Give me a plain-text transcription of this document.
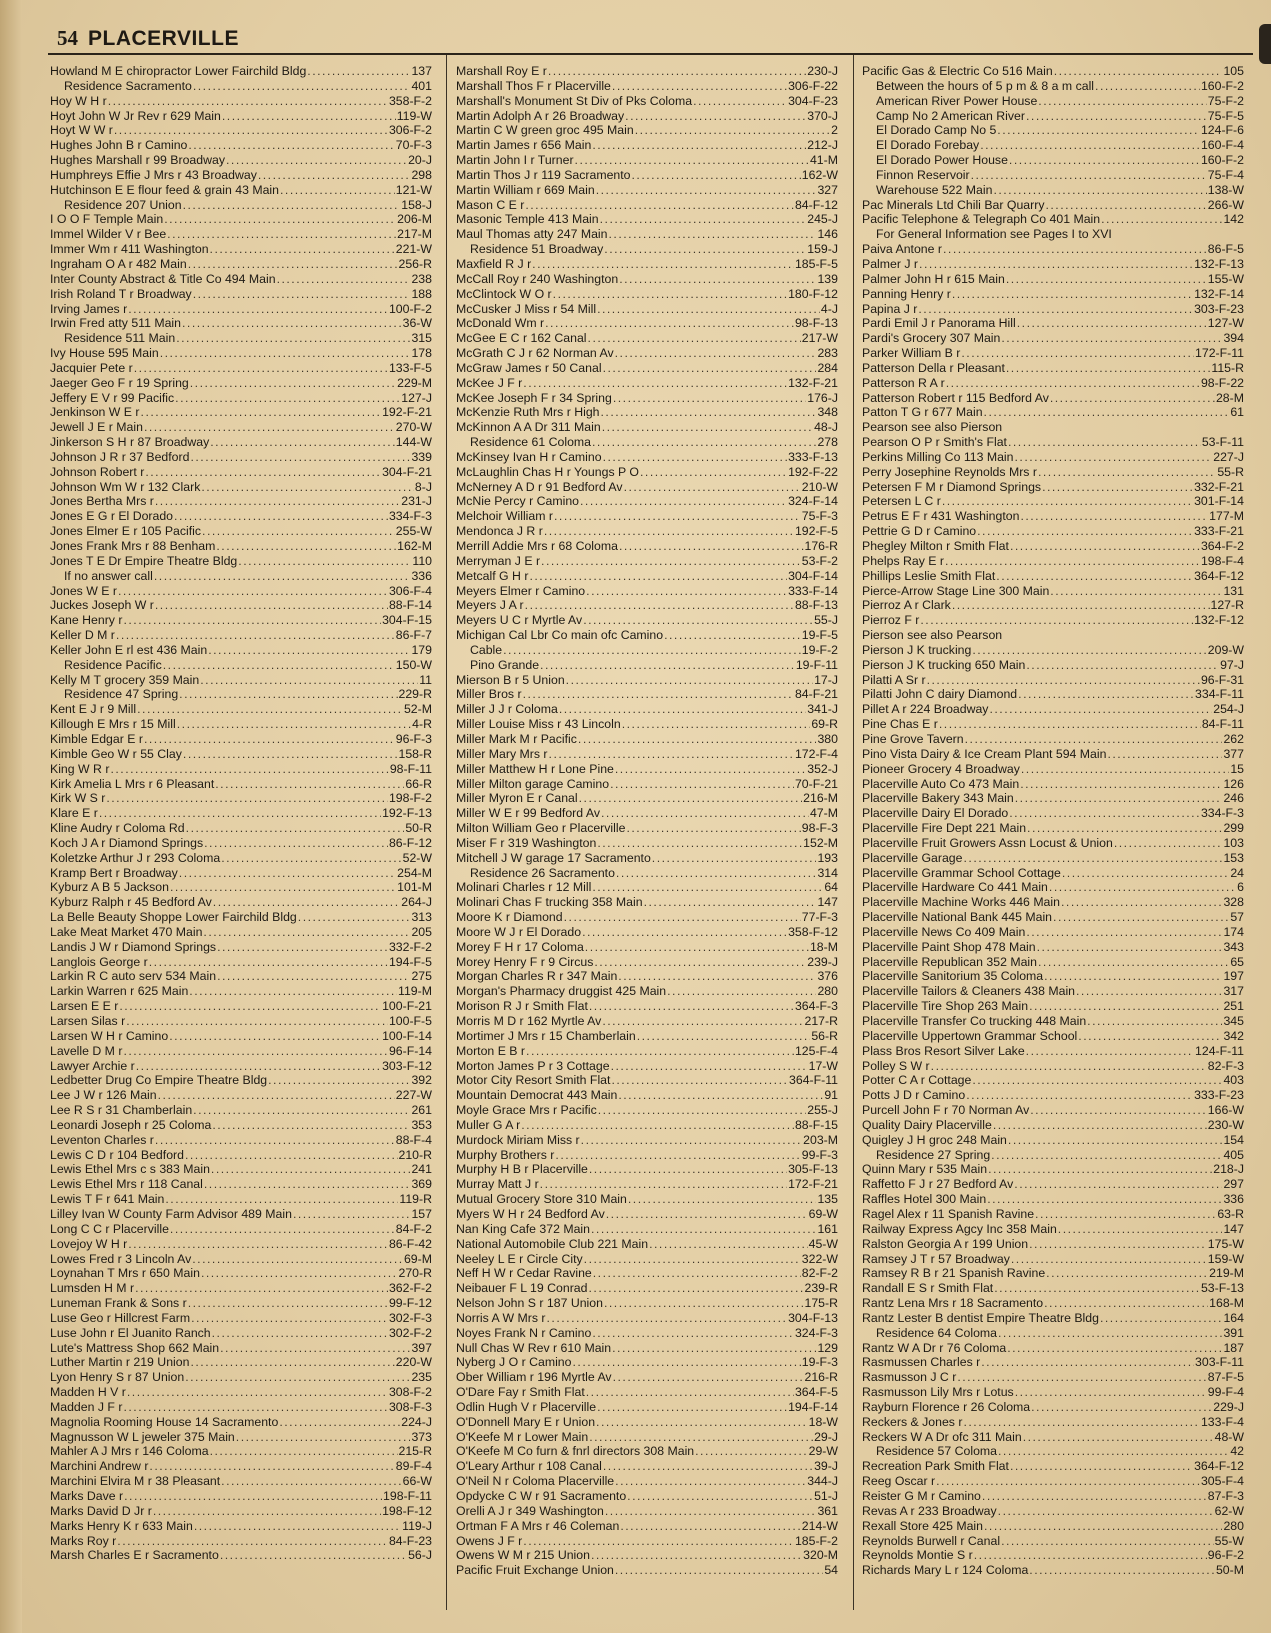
54 PLACERVILLE
Howland M E chiropractor Lower Fairchild Bldg .....	137
Residence Sacramento .....	401
Hoy W H r .....	358-F-2
Hoyt John W Jr Rev r 629 Main .....	119-W
Hoyt W W r .....	306-F-2
Hughes John B r Camino .....	70-F-3
Hughes Marshall r 99 Broadway .....	20-J
Humphreys Effie J Mrs r 43 Broadway .....	298
Hutchinson E E flour feed & grain 43 Main .....	121-W
Residence 207 Union .....	158-J
I O O F Temple Main .....	206-M
Immel Wilder V r Bee .....	217-M
Immer Wm r 411 Washington .....	221-W
Ingraham O A r 482 Main .....	256-R
Inter County Abstract & Title Co 494 Main .....	238
Irish Roland T r Broadway .....	188
Irving James r .....	100-F-2
Irwin Fred atty 511 Main .....	36-W
Residence 511 Main .....	315
Ivy House 595 Main .....	178
Jacquier Pete r .....	133-F-5
Jaeger Geo F r 19 Spring .....	229-M
Jeffery E V r 99 Pacific .....	127-J
Jenkinson W E r .....	192-F-21
Jewell J E r Main .....	270-W
Jinkerson S H r 87 Broadway .....	144-W
Johnson J R r 37 Bedford .....	339
Johnson Robert r .....	304-F-21
Johnson Wm W r 132 Clark .....	8-J
Jones Bertha Mrs r .....	231-J
Jones E G r El Dorado .....	334-F-3
Jones Elmer E r 105 Pacific .....	255-W
Jones Frank Mrs r 88 Benham .....	162-M
Jones T E Dr Empire Theatre Bldg .....	110
If no answer call .....	336
Jones W E r .....	306-F-4
Juckes Joseph W r .....	88-F-14
Kane Henry r .....	304-F-15
Keller D M r .....	86-F-7
Keller John E rl est 436 Main .....	179
Residence Pacific .....	150-W
Kelly M T grocery 359 Main .....	11
Residence 47 Spring .....	229-R
Kent E J r 9 Mill .....	52-M
Killough E Mrs r 15 Mill .....	4-R
Kimble Edgar E r .....	96-F-3
Kimble Geo W r 55 Clay .....	158-R
King W R r .....	98-F-11
Kirk Amelia L Mrs r 6 Pleasant .....	66-R
Kirk W S r .....	198-F-2
Klare E r .....	192-F-13
Kline Audry r Coloma Rd .....	50-R
Koch J A r Diamond Springs .....	86-F-12
Koletzke Arthur J r 293 Coloma .....	52-W
Kramp Bert r Broadway .....	254-M
Kyburz A B 5 Jackson .....	101-M
Kyburz Ralph r 45 Bedford Av .....	264-J
La Belle Beauty Shoppe Lower Fairchild Bldg .....	313
Lake Meat Market 470 Main .....	205
Landis J W r Diamond Springs .....	332-F-2
Langlois George r .....	194-F-5
Larkin R C auto serv 534 Main .....	275
Larkin Warren r 625 Main .....	119-M
Larsen E E r .....	100-F-21
Larsen Silas r .....	100-F-5
Larsen W H r Camino .....	100-F-14
Lavelle D M r .....	96-F-14
Lawyer Archie r .....	303-F-12
Ledbetter Drug Co Empire Theatre Bldg .....	392
Lee J W r 126 Main .....	227-W
Lee R S r 31 Chamberlain .....	261
Leonardi Joseph r 25 Coloma .....	353
Leventon Charles r .....	88-F-4
Lewis C D r 104 Bedford .....	210-R
Lewis Ethel Mrs c s 383 Main .....	241
Lewis Ethel Mrs r 118 Canal .....	369
Lewis T F r 641 Main .....	119-R
Lilley Ivan W County Farm Advisor 489 Main .....	157
Long C C r Placerville .....	84-F-2
Lovejoy W H r .....	86-F-42
Lowes Fred r 3 Lincoln Av .....	69-M
Loynahan T Mrs r 650 Main .....	270-R
Lumsden H M r .....	362-F-2
Luneman Frank & Sons r .....	99-F-12
Luse Geo r Hillcrest Farm .....	302-F-3
Luse John r El Juanito Ranch .....	302-F-2
Lute's Mattress Shop 662 Main .....	397
Luther Martin r 219 Union .....	220-W
Lyon Henry S r 87 Union .....	235
Madden H V r .....	308-F-2
Madden J F r .....	308-F-3
Magnolia Rooming House 14 Sacramento .....	224-J
Magnusson W L jeweler 375 Main .....	373
Mahler A J Mrs r 146 Coloma .....	215-R
Marchini Andrew r .....	89-F-4
Marchini Elvira M r 38 Pleasant .....	66-W
Marks Dave r .....	198-F-11
Marks David D Jr r .....	198-F-12
Marks Henry K r 633 Main .....	119-J
Marks Roy r .....	84-F-23
Marsh Charles E r Sacramento .....	56-J
Marshall Roy E r .....	230-J
Marshall Thos F r Placerville .....	306-F-22
Marshall's Monument St Div of Pks Coloma .....	304-F-23
Martin Adolph A r 26 Broadway .....	370-J
Martin C W green groc 495 Main .....	2
Martin James r 656 Main .....	212-J
Martin John I r Turner .....	41-M
Martin Thos J r 119 Sacramento .....	162-W
Martin William r 669 Main .....	327
Mason C E r .....	84-F-12
Masonic Temple 413 Main .....	245-J
Maul Thomas atty 247 Main .....	146
Residence 51 Broadway .....	159-J
Maxfield R J r .....	185-F-5
McCall Roy r 240 Washington .....	139
McClintock W O r .....	180-F-12
McCusker J Miss r 54 Mill .....	4-J
McDonald Wm r .....	98-F-13
McGee E C r 162 Canal .....	217-W
McGrath C J r 62 Norman Av .....	283
McGraw James r 50 Canal .....	284
McKee J F r .....	132-F-21
McKee Joseph F r 34 Spring .....	176-J
McKenzie Ruth Mrs r High .....	348
McKinnon A A Dr 311 Main .....	48-J
Residence 61 Coloma .....	278
McKinsey Ivan H r Camino .....	333-F-13
McLaughlin Chas H r Youngs P O .....	192-F-22
McNerney A D r 91 Bedford Av .....	210-W
McNie Percy r Camino .....	324-F-14
Melchoir William r .....	75-F-3
Mendonca J R r .....	192-F-5
Merrill Addie Mrs r 68 Coloma .....	176-R
Merryman J E r .....	53-F-2
Metcalf G H r .....	304-F-14
Meyers Elmer r Camino .....	333-F-14
Meyers J A r .....	88-F-13
Meyers U C r Myrtle Av .....	55-J
Michigan Cal Lbr Co main ofc Camino .....	19-F-5
Cable .....	19-F-2
Pino Grande .....	19-F-11
Mierson B r 5 Union .....	17-J
Miller Bros r .....	84-F-21
Miller J J r Coloma .....	341-J
Miller Louise Miss r 43 Lincoln .....	69-R
Miller Mark M r Pacific .....	380
Miller Mary Mrs r .....	172-F-4
Miller Matthew H r Lone Pine .....	352-J
Miller Milton garage Camino .....	70-F-21
Miller Myron E r Canal .....	216-M
Miller W E r 99 Bedford Av .....	47-M
Milton William Geo r Placerville .....	98-F-3
Miser F r 319 Washington .....	152-M
Mitchell J W garage 17 Sacramento .....	193
Residence 26 Sacramento .....	314
Molinari Charles r 12 Mill .....	64
Molinari Chas F trucking 358 Main .....	147
Moore K r Diamond .....	77-F-3
Moore W J r El Dorado .....	358-F-12
Morey F H r 17 Coloma .....	18-M
Morey Henry F r 9 Circus .....	239-J
Morgan Charles R r 347 Main .....	376
Morgan's Pharmacy druggist 425 Main .....	280
Morison R J r Smith Flat .....	364-F-3
Morris M D r 162 Myrtle Av .....	217-R
Mortimer J Mrs r 15 Chamberlain .....	56-R
Morton E B r .....	125-F-4
Morton James P r 3 Cottage .....	17-W
Motor City Resort Smith Flat .....	364-F-11
Mountain Democrat 443 Main .....	91
Moyle Grace Mrs r Pacific .....	255-J
Muller G A r .....	88-F-15
Murdock Miriam Miss r .....	203-M
Murphy Brothers r .....	99-F-3
Murphy H B r Placerville .....	305-F-13
Murray Matt J r .....	172-F-21
Mutual Grocery Store 310 Main .....	135
Myers W H r 24 Bedford Av .....	69-W
Nan King Cafe 372 Main .....	161
National Automobile Club 221 Main .....	45-W
Neeley L E r Circle City .....	322-W
Neff H W r Cedar Ravine .....	82-F-2
Neibauer F L 19 Conrad .....	239-R
Nelson John S r 187 Union .....	175-R
Norris A W Mrs r .....	304-F-13
Noyes Frank N r Camino .....	324-F-3
Null Chas W Rev r 610 Main .....	129
Nyberg J O r Camino .....	19-F-3
Ober William r 196 Myrtle Av .....	216-R
O'Dare Fay r Smith Flat .....	364-F-5
Odlin Hugh V r Placerville .....	194-F-14
O'Donnell Mary E r Union .....	18-W
O'Keefe M r Lower Main .....	29-J
O'Keefe M Co furn & fnrl directors 308 Main .....	29-W
O'Leary Arthur r 108 Canal .....	39-J
O'Neil N r Coloma Placerville .....	344-J
Opdycke C W r 91 Sacramento .....	51-J
Orelli A J r 349 Washington .....	361
Ortman F A Mrs r 46 Coleman .....	214-W
Owens J F r .....	185-F-2
Owens W M r 215 Union .....	320-M
Pacific Fruit Exchange Union .....	54
Pacific Gas & Electric Co 516 Main .....	105
Between the hours of 5 p m & 8 a m call .....	160-F-2
American River Power House .....	75-F-2
Camp No 2 American River .....	75-F-5
El Dorado Camp No 5 .....	124-F-6
El Dorado Forebay .....	160-F-4
El Dorado Power House .....	160-F-2
Finnon Reservoir .....	75-F-4
Warehouse 522 Main .....	138-W
Pac Minerals Ltd Chili Bar Quarry .....	266-W
Pacific Telephone & Telegraph Co 401 Main .....	142
For General Information see Pages I to XVI
Paiva Antone r .....	86-F-5
Palmer J r .....	132-F-13
Palmer John H r 615 Main .....	155-W
Panning Henry r .....	132-F-14
Papina J r .....	303-F-23
Pardi Emil J r Panorama Hill .....	127-W
Pardi's Grocery 307 Main .....	394
Parker William B r .....	172-F-11
Patterson Della r Pleasant .....	115-R
Patterson R A r .....	98-F-22
Patterson Robert r 115 Bedford Av .....	28-M
Patton T G r 677 Main .....	61
Pearson see also Pierson
Pearson O P r Smith's Flat .....	53-F-11
Perkins Milling Co 113 Main .....	227-J
Perry Josephine Reynolds Mrs r .....	55-R
Petersen F M r Diamond Springs .....	332-F-21
Petersen L C r .....	301-F-14
Petrus E F r 431 Washington .....	177-M
Pettrie G D r Camino .....	333-F-21
Phegley Milton r Smith Flat .....	364-F-2
Phelps Ray E r .....	198-F-4
Phillips Leslie Smith Flat .....	364-F-12
Pierce-Arrow Stage Line 300 Main .....	131
Pierroz A r Clark .....	127-R
Pierroz F r .....	132-F-12
Pierson see also Pearson
Pierson J K trucking .....	209-W
Pierson J K trucking 650 Main .....	97-J
Pilatti A Sr r .....	96-F-31
Pilatti John C dairy Diamond .....	334-F-11
Pillet A r 224 Broadway .....	254-J
Pine Chas E r .....	84-F-11
Pine Grove Tavern .....	262
Pino Vista Dairy & Ice Cream Plant 594 Main .....	377
Pioneer Grocery 4 Broadway .....	15
Placerville Auto Co 473 Main .....	126
Placerville Bakery 343 Main .....	246
Placerville Dairy El Dorado .....	334-F-3
Placerville Fire Dept 221 Main .....	299
Placerville Fruit Growers Assn Locust & Union .....	103
Placerville Garage .....	153
Placerville Grammar School Cottage .....	24
Placerville Hardware Co 441 Main .....	6
Placerville Machine Works 446 Main .....	328
Placerville National Bank 445 Main .....	57
Placerville News Co 409 Main .....	174
Placerville Paint Shop 478 Main .....	343
Placerville Republican 352 Main .....	65
Placerville Sanitorium 35 Coloma .....	197
Placerville Tailors & Cleaners 438 Main .....	317
Placerville Tire Shop 263 Main .....	251
Placerville Transfer Co trucking 448 Main .....	345
Placerville Uppertown Grammar School .....	342
Plass Bros Resort Silver Lake .....	124-F-11
Polley S W r .....	82-F-3
Potter C A r Cottage .....	403
Potts J D r Camino .....	333-F-23
Purcell John F r 70 Norman Av .....	166-W
Quality Dairy Placerville .....	230-W
Quigley J H groc 248 Main .....	154
Residence 27 Spring .....	405
Quinn Mary r 535 Main .....	218-J
Raffetto F J r 27 Bedford Av .....	297
Raffles Hotel 300 Main .....	336
Ragel Alex r 11 Spanish Ravine .....	63-R
Railway Express Agcy Inc 358 Main .....	147
Ralston Georgia A r 199 Union .....	175-W
Ramsey J T r 57 Broadway .....	159-W
Ramsey R B r 21 Spanish Ravine .....	219-M
Randall E S r Smith Flat .....	53-F-13
Rantz Lena Mrs r 18 Sacramento .....	168-M
Rantz Lester B dentist Empire Theatre Bldg .....	164
Residence 64 Coloma .....	391
Rantz W A Dr r 76 Coloma .....	187
Rasmussen Charles r .....	303-F-11
Rasmusson J C r .....	87-F-5
Rasmusson Lily Mrs r Lotus .....	99-F-4
Rayburn Florence r 26 Coloma .....	229-J
Reckers & Jones r .....	133-F-4
Reckers W A Dr ofc 311 Main .....	48-W
Residence 57 Coloma .....	42
Recreation Park Smith Flat .....	364-F-12
Reeg Oscar r .....	305-F-4
Reister G M r Camino .....	87-F-3
Revas A r 233 Broadway .....	62-W
Rexall Store 425 Main .....	280
Reynolds Burwell r Canal .....	55-W
Reynolds Montie S r .....	96-F-2
Richards Mary L r 124 Coloma .....	50-M
